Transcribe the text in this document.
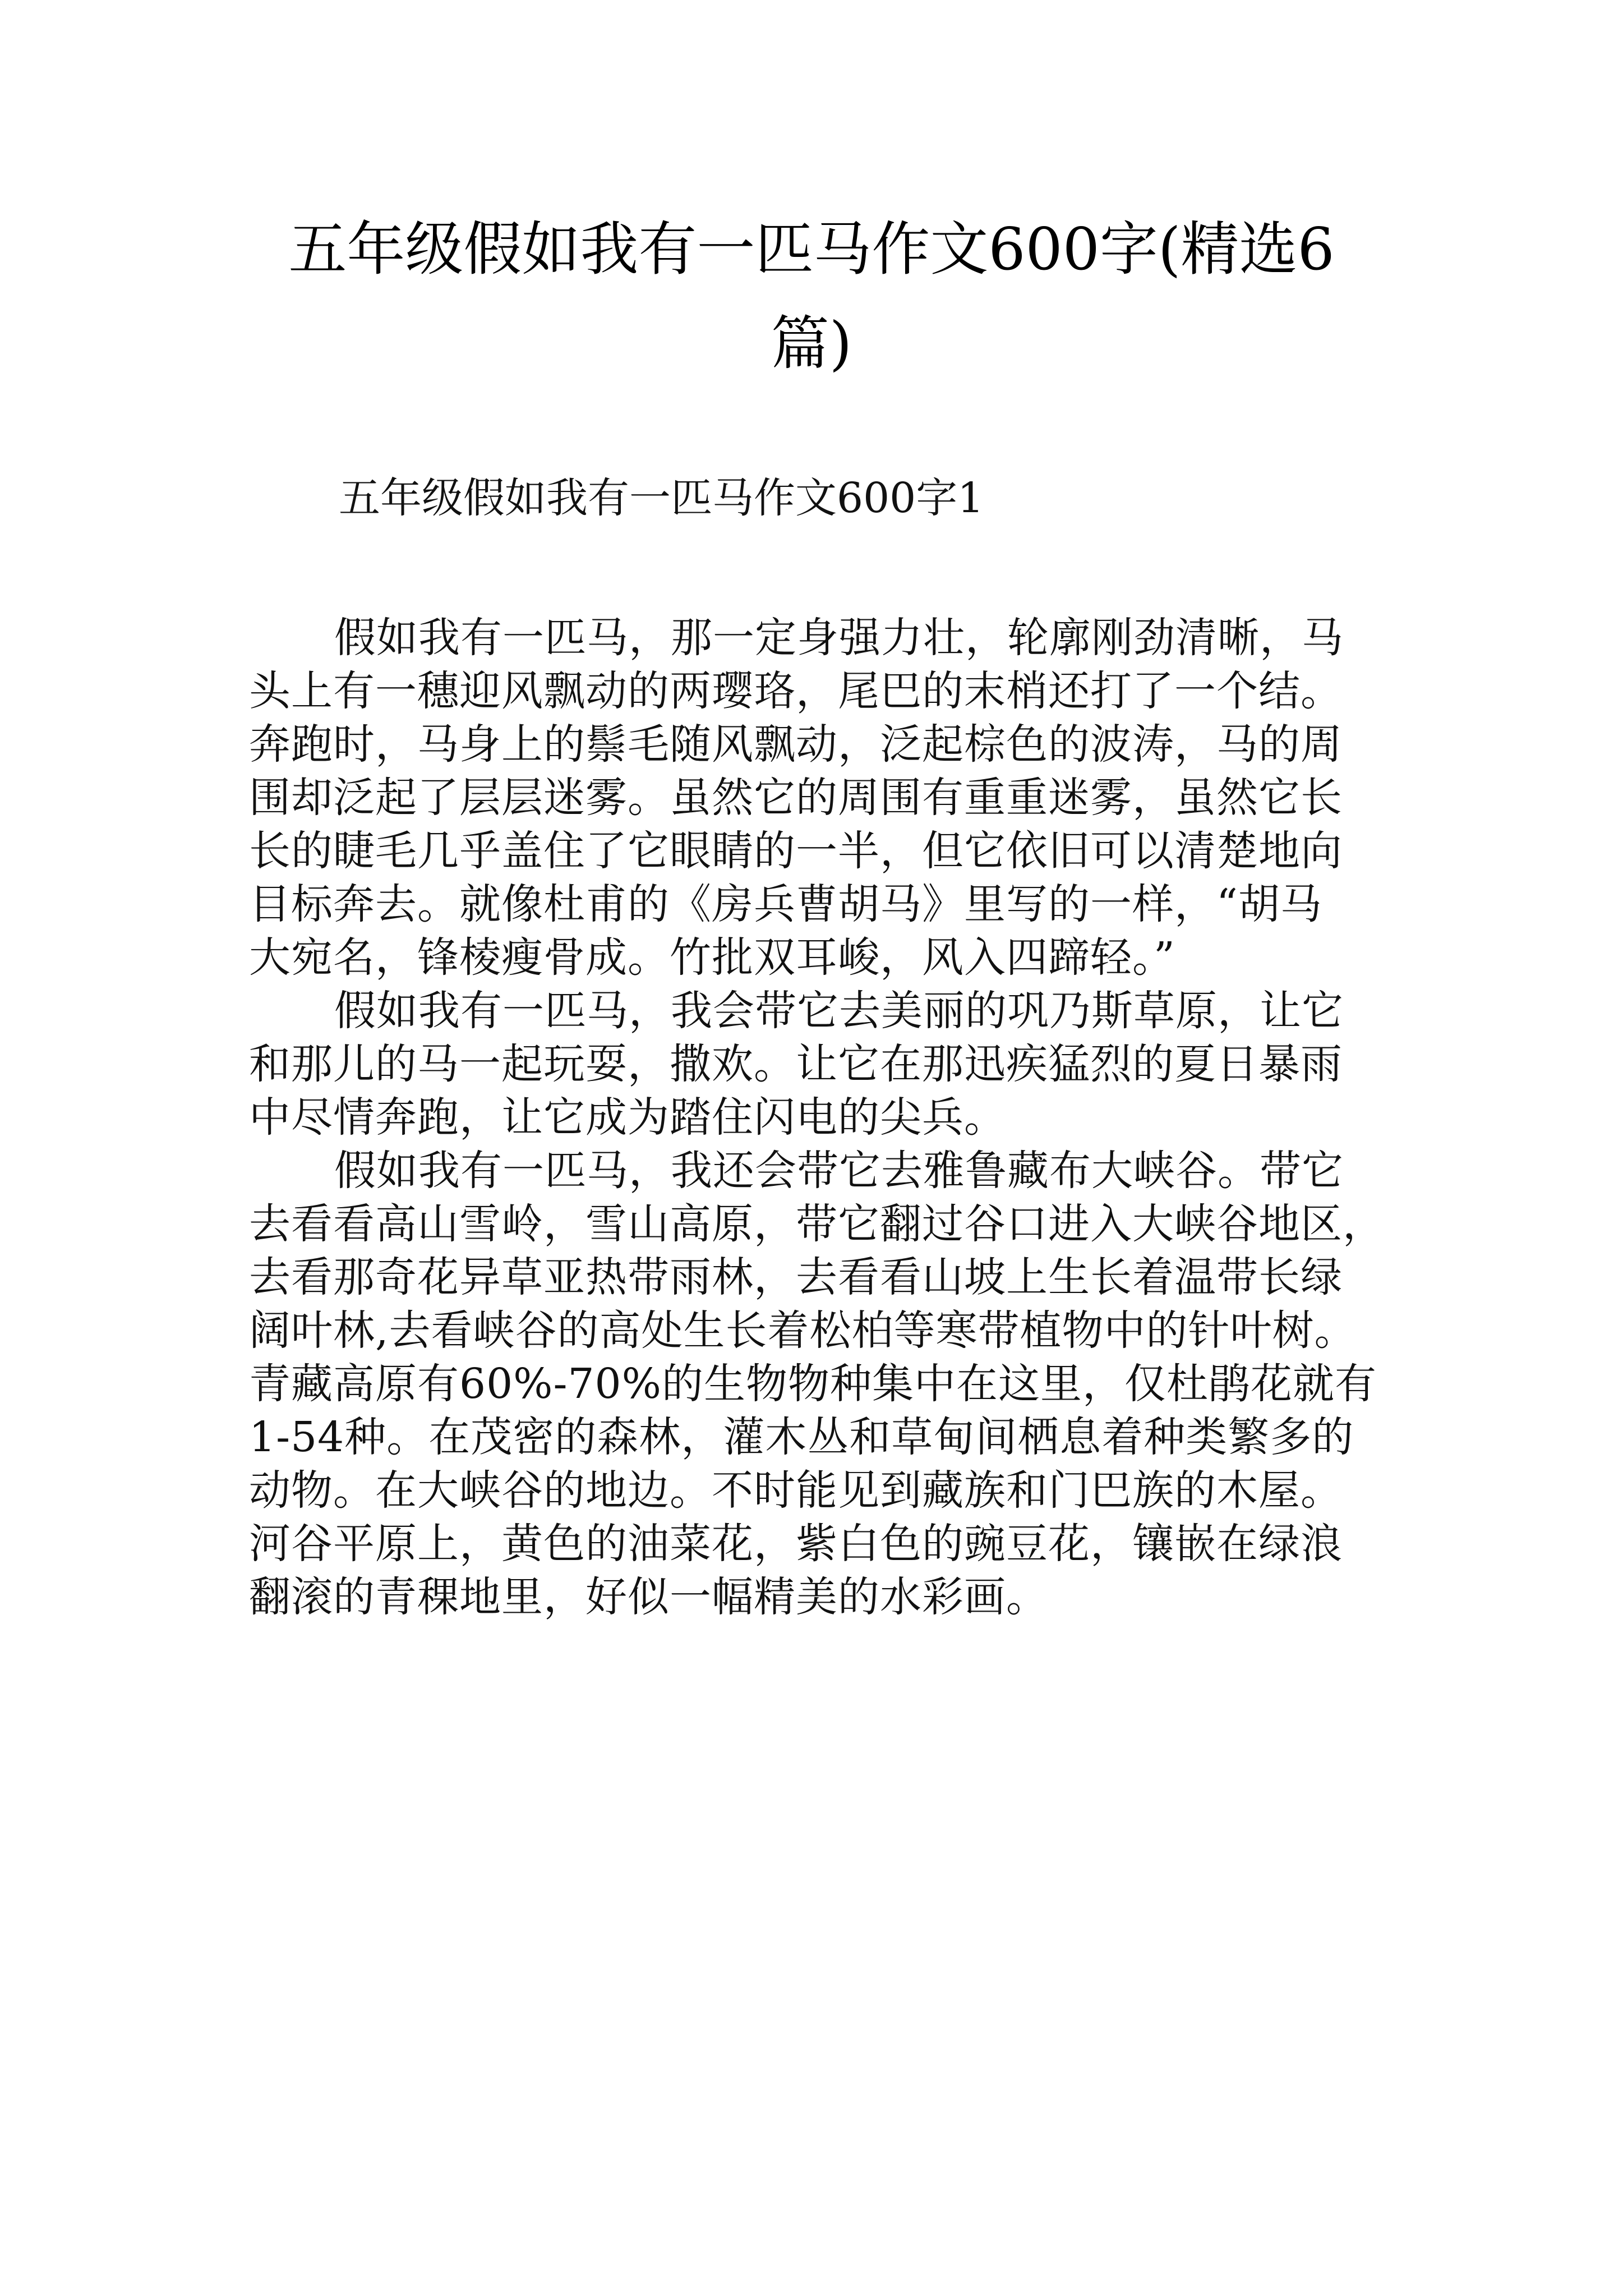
五年级假如我有一匹马作文600字(精选6
篇)

五年级假如我有一匹马作文600字1

假如我有一匹马，那一定身强力壮，轮廓刚劲清晰，马
头上有一穗迎风飘动的两璎珞，尾巴的末梢还打了一个结。
奔跑时，马身上的鬃毛随风飘动，泛起棕色的波涛，马的周
围却泛起了层层迷雾。虽然它的周围有重重迷雾，虽然它长
长的睫毛几乎盖住了它眼睛的一半，但它依旧可以清楚地向
目标奔去。就像杜甫的《房兵曹胡马》里写的一样，“胡马
大宛名，锋棱瘦骨成。竹批双耳峻，风入四蹄轻。”

假如我有一匹马，我会带它去美丽的巩乃斯草原，让它
和那儿的马一起玩耍，撒欢。让它在那迅疾猛烈的夏日暴雨
中尽情奔跑，让它成为踏住闪电的尖兵。

假如我有一匹马，我还会带它去雅鲁藏布大峡谷。带它
去看看高山雪岭，雪山高原，带它翻过谷口进入大峡谷地区，
去看那奇花异草亚热带雨林，去看看山坡上生长着温带长绿
阔叶林,去看峡谷的高处生长着松柏等寒带植物中的针叶树。
青藏高原有60%-70%的生物物种集中在这里，仅杜鹃花就有
1-54种。在茂密的森林，灌木丛和草甸间栖息着种类繁多的
动物。在大峡谷的地边。不时能见到藏族和门巴族的木屋。
河谷平原上，黄色的油菜花，紫白色的豌豆花，镶嵌在绿浪
翻滚的青稞地里，好似一幅精美的水彩画。
